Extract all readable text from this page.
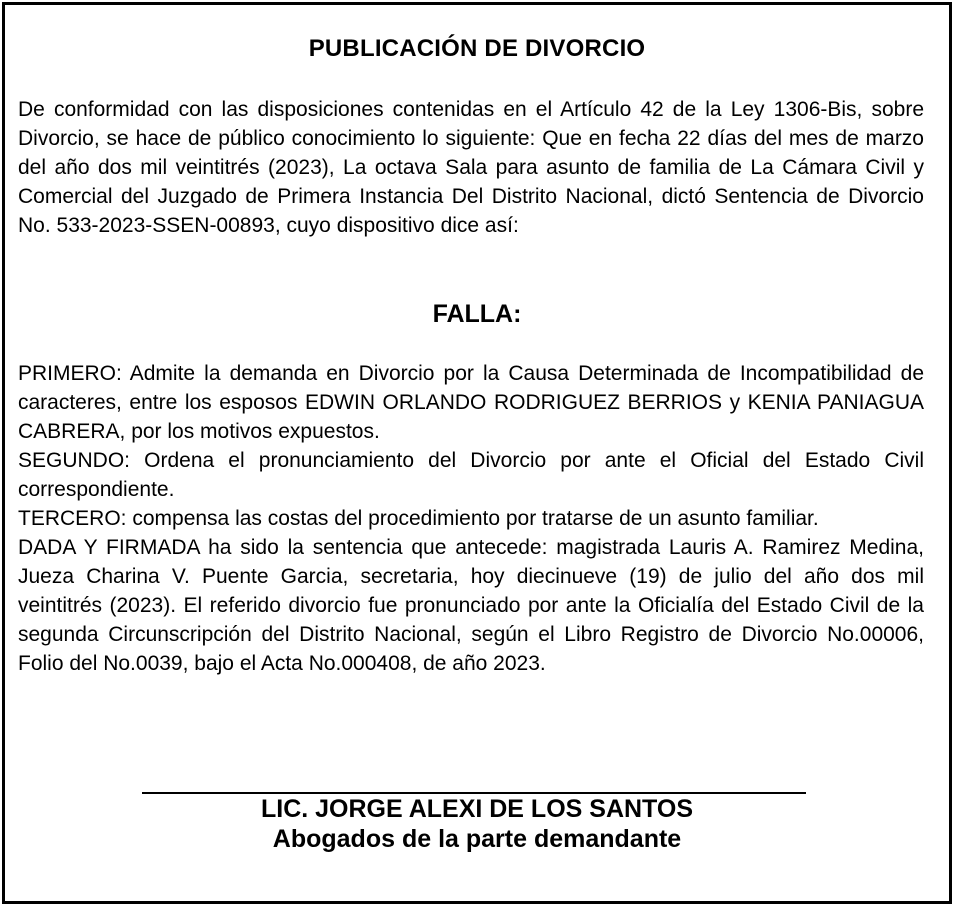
PUBLICACIÓN DE DIVORCIO

De conformidad con las disposiciones contenidas en el Artículo 42 de la Ley 1306-Bis, sobre Divorcio, se hace de público conocimiento lo siguiente: Que en fecha 22 días del mes de marzo del año dos mil veintitrés (2023), La octava Sala para asunto de familia de La Cámara Civil y Comercial del Juzgado de Primera Instancia Del Distrito Nacional, dictó Sentencia de Divorcio No. 533-2023-SSEN-00893, cuyo dispositivo dice así:

FALLA:

PRIMERO: Admite la demanda en Divorcio por la Causa Determinada de Incompatibilidad de caracteres, entre los esposos EDWIN ORLANDO RODRIGUEZ BERRIOS y KENIA PANIAGUA CABRERA, por los motivos expuestos.

SEGUNDO: Ordena el pronunciamiento del Divorcio por ante el Oficial del Estado Civil correspondiente.

TERCERO: compensa las costas del procedimiento por tratarse de un asunto familiar.

DADA Y FIRMADA ha sido la sentencia que antecede: magistrada Lauris A. Ramirez Medina, Jueza Charina V. Puente Garcia, secretaria, hoy diecinueve (19) de julio del año dos mil veintitrés (2023). El referido divorcio fue pronunciado por ante la Oficialía del Estado Civil de la segunda Circunscripción del Distrito Nacional, según el Libro Registro de Divorcio No.00006, Folio del No.0039, bajo el Acta No.000408, de año 2023.

LIC. JORGE ALEXI DE LOS SANTOS
Abogados de la parte demandante
